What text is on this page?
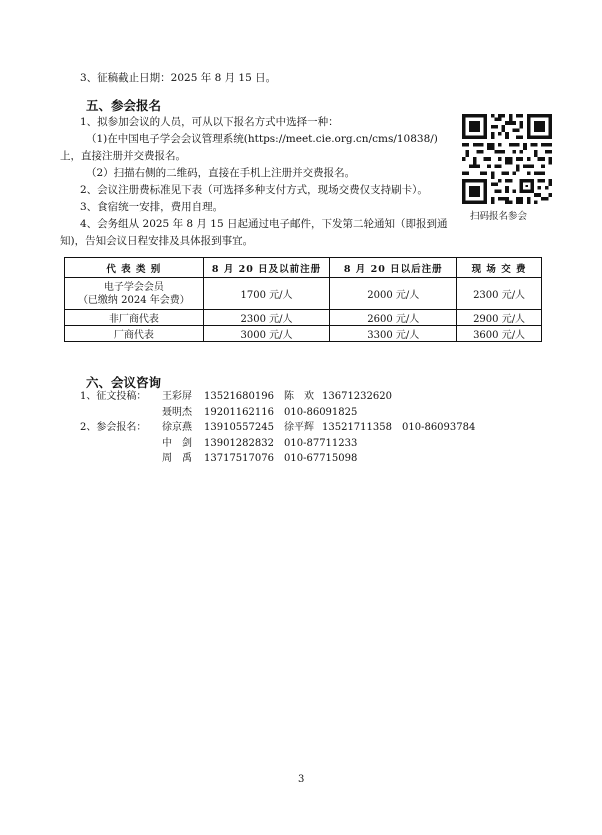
3、征稿截止日期：2025 年 8 月 15 日。
五、参会报名
1、拟参加会议的人员，可从以下报名方式中选择一种：
（1)在中国电子学会会议管理系统(https://meet.cie.org.cn/cms/10838/)
上，直接注册并交费报名。
（2）扫描右侧的二维码，直接在手机上注册并交费报名。
2、会议注册费标准见下表（可选择多种支付方式，现场交费仅支持刷卡）。
3、食宿统一安排，费用自理。
4、会务组从 2025 年 8 月 15 日起通过电子邮件，下发第二轮通知（即报到通
知)，告知会议日程安排及具体报到事宜。
扫码报名参会
代 表 类 别	8 月 20 日及以前注册	8 月 20 日以后注册	现 场 交 费

电子学会会员
（已缴纳 2024 年会费）	1700 元/人	2000 元/人	2300 元/人
非厂商代表	2300 元/人	2600 元/人	2900 元/人
厂商代表	3000 元/人	3300 元/人	3600 元/人
六、会议咨询
1、征文投稿： 王彩屏 13521680196 陈　欢 13671232620
聂明杰 19201162116 010-86091825
2、参会报名： 徐京燕 13910557245 徐平辉 13521711358　010-86093784
中　剑 13901282832 010-87711233
周　禹 13717517076 010-67715098
3
